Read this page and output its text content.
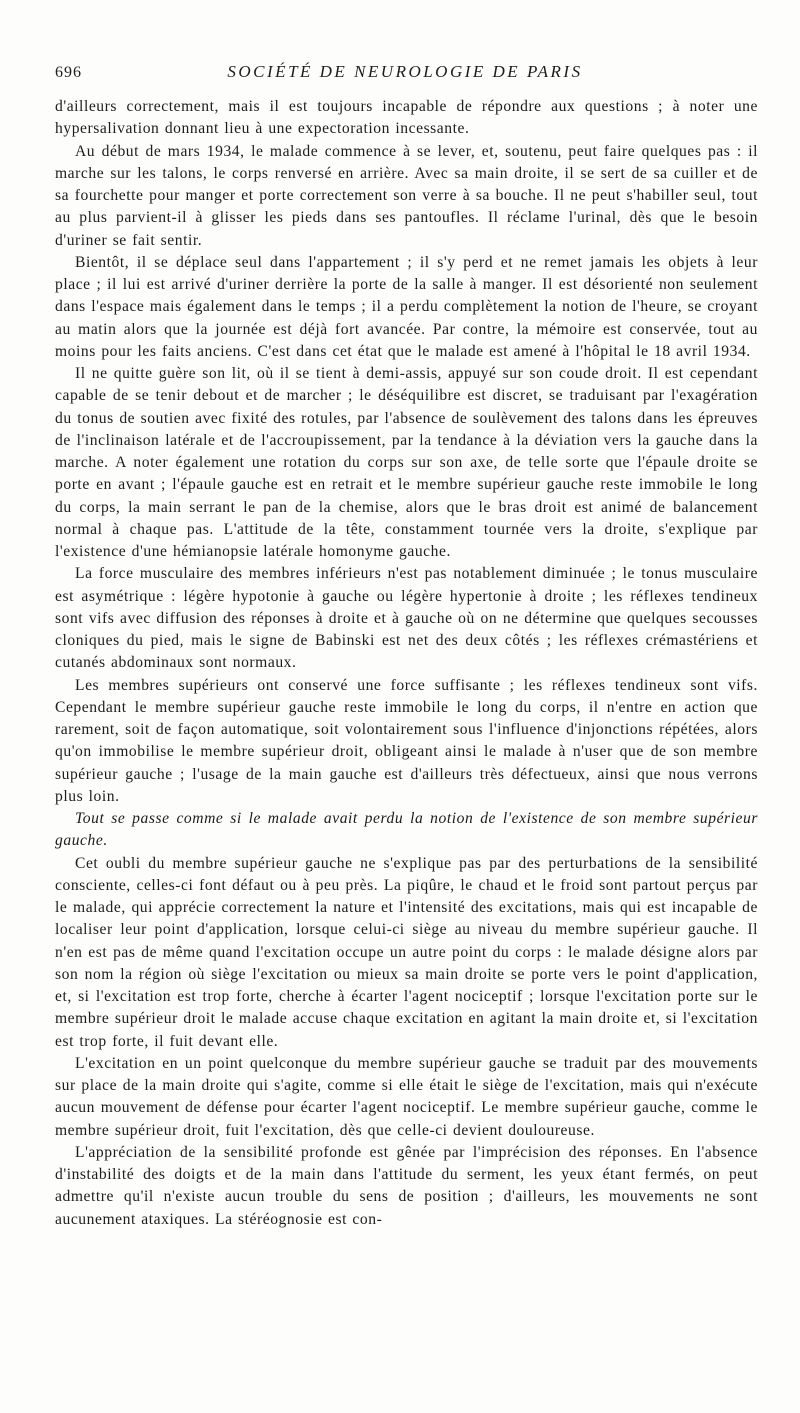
696	SOCIÉTÉ DE NEUROLOGIE DE PARIS

d'ailleurs correctement, mais il est toujours incapable de répondre aux questions ; à noter une hypersalivation donnant lieu à une expectoration incessante.

Au début de mars 1934, le malade commence à se lever, et, soutenu, peut faire quelques pas : il marche sur les talons, le corps renversé en arrière. Avec sa main droite, il se sert de sa cuiller et de sa fourchette pour manger et porte correctement son verre à sa bouche. Il ne peut s'habiller seul, tout au plus parvient-il à glisser les pieds dans ses pantoufles. Il réclame l'urinal, dès que le besoin d'uriner se fait sentir.

Bientôt, il se déplace seul dans l'appartement ; il s'y perd et ne remet jamais les objets à leur place ; il lui est arrivé d'uriner derrière la porte de la salle à manger. Il est désorienté non seulement dans l'espace mais également dans le temps ; il a perdu complètement la notion de l'heure, se croyant au matin alors que la journée est déjà fort avancée. Par contre, la mémoire est conservée, tout au moins pour les faits anciens. C'est dans cet état que le malade est amené à l'hôpital le 18 avril 1934.

Il ne quitte guère son lit, où il se tient à demi-assis, appuyé sur son coude droit. Il est cependant capable de se tenir debout et de marcher ; le déséquilibre est discret, se traduisant par l'exagération du tonus de soutien avec fixité des rotules, par l'absence de soulèvement des talons dans les épreuves de l'inclinaison latérale et de l'accroupissement, par la tendance à la déviation vers la gauche dans la marche. A noter également une rotation du corps sur son axe, de telle sorte que l'épaule droite se porte en avant ; l'épaule gauche est en retrait et le membre supérieur gauche reste immobile le long du corps, la main serrant le pan de la chemise, alors que le bras droit est animé de balancement normal à chaque pas. L'attitude de la tête, constamment tournée vers la droite, s'explique par l'existence d'une hémianopsie latérale homonyme gauche.

La force musculaire des membres inférieurs n'est pas notablement diminuée ; le tonus musculaire est asymétrique : légère hypotonie à gauche ou légère hypertonie à droite ; les réflexes tendineux sont vifs avec diffusion des réponses à droite et à gauche où on ne détermine que quelques secousses cloniques du pied, mais le signe de Babinski est net des deux côtés ; les réflexes crémastériens et cutanés abdominaux sont normaux.

Les membres supérieurs ont conservé une force suffisante ; les réflexes tendineux sont vifs. Cependant le membre supérieur gauche reste immobile le long du corps, il n'entre en action que rarement, soit de façon automatique, soit volontairement sous l'influence d'injonctions répétées, alors qu'on immobilise le membre supérieur droit, obligeant ainsi le malade à n'user que de son membre supérieur gauche ; l'usage de la main gauche est d'ailleurs très défectueux, ainsi que nous verrons plus loin.

Tout se passe comme si le malade avait perdu la notion de l'existence de son membre supérieur gauche.

Cet oubli du membre supérieur gauche ne s'explique pas par des perturbations de la sensibilité consciente, celles-ci font défaut ou à peu près. La piqûre, le chaud et le froid sont partout perçus par le malade, qui apprécie correctement la nature et l'intensité des excitations, mais qui est incapable de localiser leur point d'application, lorsque celui-ci siège au niveau du membre supérieur gauche. Il n'en est pas de même quand l'excitation occupe un autre point du corps : le malade désigne alors par son nom la région où siège l'excitation ou mieux sa main droite se porte vers le point d'application, et, si l'excitation est trop forte, cherche à écarter l'agent nociceptif ; lorsque l'excitation porte sur le membre supérieur droit le malade accuse chaque excitation en agitant la main droite et, si l'excitation est trop forte, il fuit devant elle.

L'excitation en un point quelconque du membre supérieur gauche se traduit par des mouvements sur place de la main droite qui s'agite, comme si elle était le siège de l'excitation, mais qui n'exécute aucun mouvement de défense pour écarter l'agent nociceptif. Le membre supérieur gauche, comme le membre supérieur droit, fuit l'excitation, dès que celle-ci devient douloureuse.

L'appréciation de la sensibilité profonde est gênée par l'imprécision des réponses. En l'absence d'instabilité des doigts et de la main dans l'attitude du serment, les yeux étant fermés, on peut admettre qu'il n'existe aucun trouble du sens de position ; d'ailleurs, les mouvements ne sont aucunement ataxiques. La stéréognosie est con-
